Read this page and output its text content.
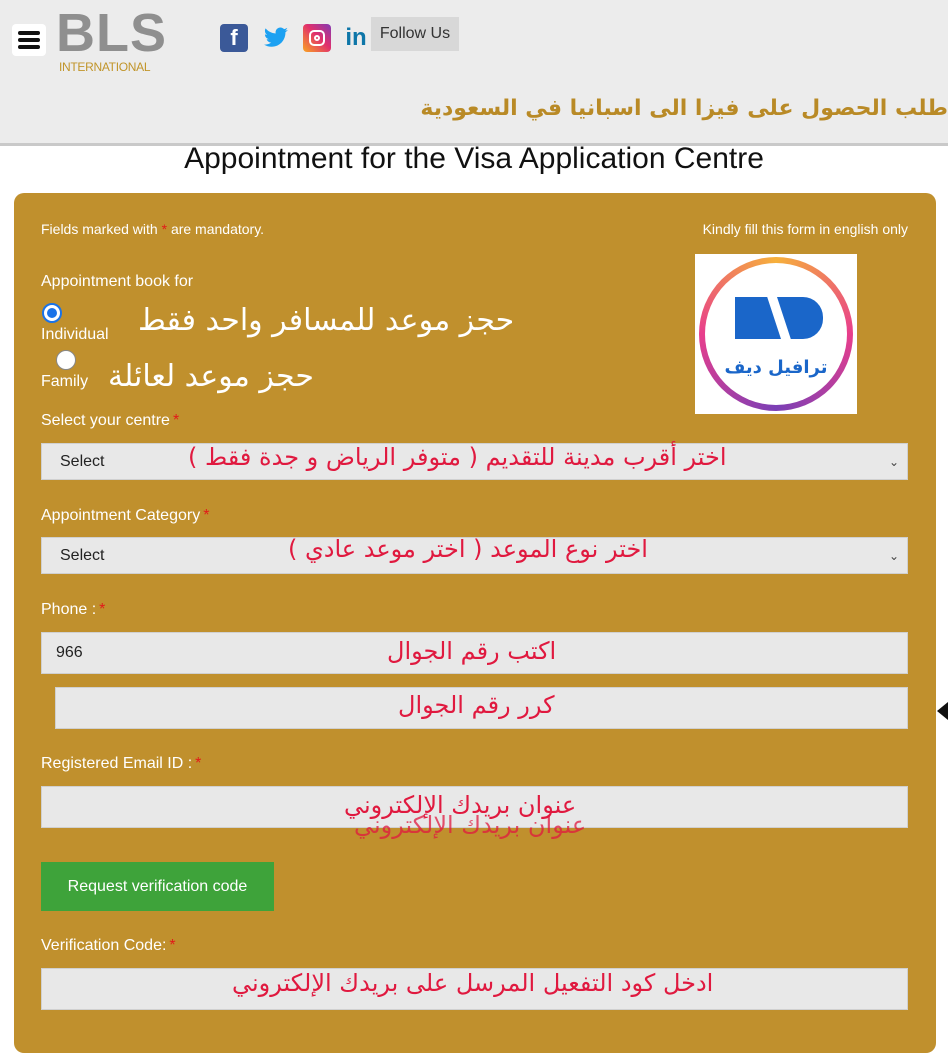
BLS
INTERNATIONAL
f	in Follow Us
طلب الحصول على فيزا الى اسبانيا في السعودية
Appointment for the Visa Application Centre
Fields marked with * are mandatory.	Kindly fill this form in english only
Appointment book for
Individual حجز موعد للمسافر واحد فقط
Family حجز موعد لعائلة	ترافيل ديف
Select your centre *
Select	⌄
اختر أقرب مدينة للتقديم ( متوفر الرياض و جدة فقط )
Appointment Category *
Select	⌄
اختر نوع الموعد ( اختر موعد عادي )
Phone : *
966	اكتب رقم الجوال
كرر رقم الجوال
Registered Email ID : *
عنوان بريدك الإلكتروني
عنوان بريدك الإلكتروني
Request verification code
Verification Code: *
ادخل كود التفعيل المرسل على بريدك الإلكتروني
